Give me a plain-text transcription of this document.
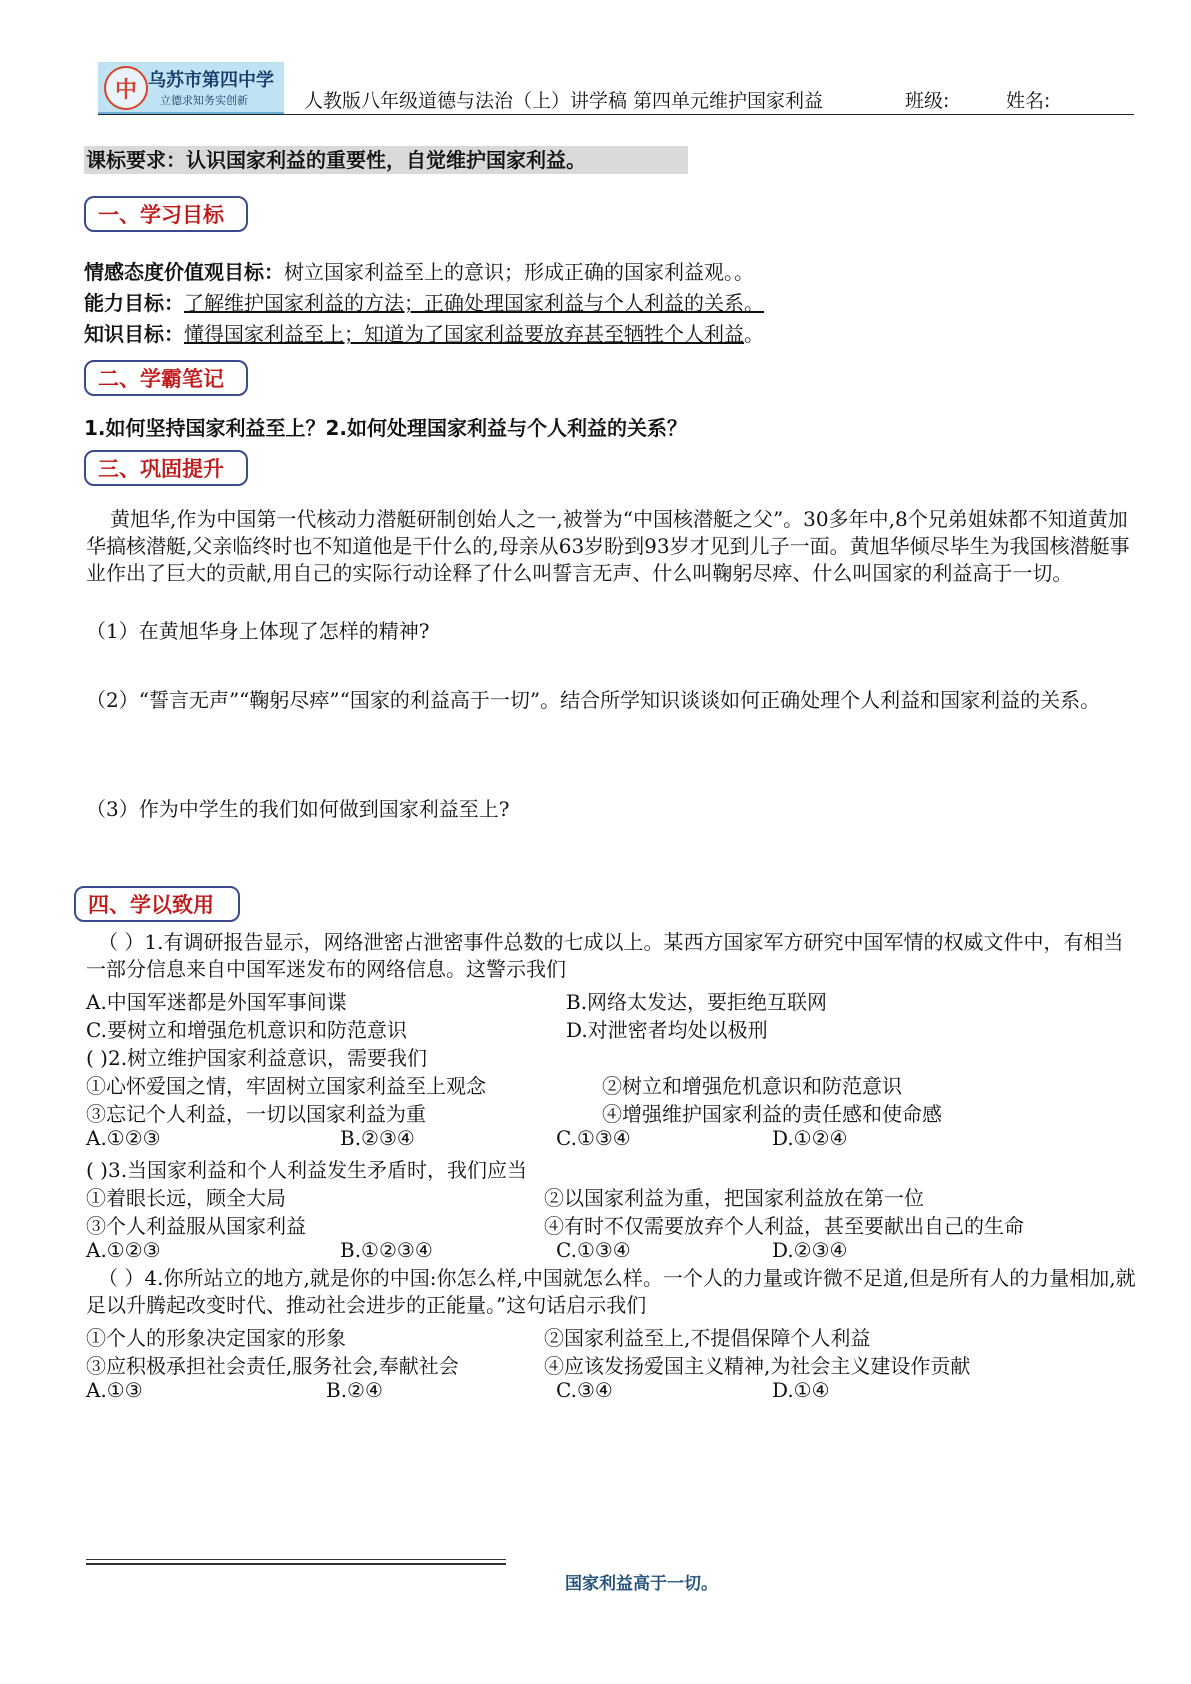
中
乌苏市第四中学
立德求知务实创新	人教版八年级道德与法治（上）讲学稿 第四单元维护国家利益	班级:	姓名:
课标要求：认识国家利益的重要性，自觉维护国家利益。
一、学习目标
情感态度价值观目标：树立国家利益至上的意识；形成正确的国家利益观。。
能力目标：了解维护国家利益的方法；正确处理国家利益与个人利益的关系。
知识目标：懂得国家利益至上；知道为了国家利益要放弃甚至牺牲个人利益。
二、学霸笔记
1.如何坚持国家利益至上？2.如何处理国家利益与个人利益的关系？
三、巩固提升
黄旭华,作为中国第一代核动力潜艇研制创始人之一,被誉为“中国核潜艇之父”。30多年中,8个兄弟姐妹都不知道黄加华搞核潜艇,父亲临终时也不知道他是干什么的,母亲从63岁盼到93岁才见到儿子一面。黄旭华倾尽毕生为我国核潜艇事业作出了巨大的贡献,用自己的实际行动诠释了什么叫誓言无声、什么叫鞠躬尽瘁、什么叫国家的利益高于一切。
（1）在黄旭华身上体现了怎样的精神?
（2）“誓言无声”“鞠躬尽瘁”“国家的利益高于一切”。结合所学知识谈谈如何正确处理个人利益和国家利益的关系。
（3）作为中学生的我们如何做到国家利益至上?
四、学以致用
（ ）1.有调研报告显示，网络泄密占泄密事件总数的七成以上。某西方国家军方研究中国军情的权威文件中，有相当一部分信息来自中国军迷发布的网络信息。这警示我们
A.中国军迷都是外国军事间谍	B.网络太发达，要拒绝互联网
C.要树立和增强危机意识和防范意识	D.对泄密者均处以极刑
( )2.树立维护国家利益意识，需要我们
①心怀爱国之情，牢固树立国家利益至上观念	②树立和增强危机意识和防范意识
③忘记个人利益，一切以国家利益为重	④增强维护国家利益的责任感和使命感
A.①②③	B.②③④	C.①③④	D.①②④
( )3.当国家利益和个人利益发生矛盾时，我们应当
①着眼长远，顾全大局	②以国家利益为重，把国家利益放在第一位
③个人利益服从国家利益	④有时不仅需要放弃个人利益，甚至要献出自己的生命
A.①②③	B.①②③④	C.①③④	D.②③④
（ ）4.你所站立的地方,就是你的中国:你怎么样,中国就怎么样。一个人的力量或许微不足道,但是所有人的力量相加,就足以升腾起改变时代、推动社会进步的正能量。”这句话启示我们
①个人的形象决定国家的形象	②国家利益至上,不提倡保障个人利益
③应积极承担社会责任,服务社会,奉献社会	④应该发扬爱国主义精神,为社会主义建设作贡献
A.①③	B.②④	C.③④	D.①④
国家利益高于一切。
